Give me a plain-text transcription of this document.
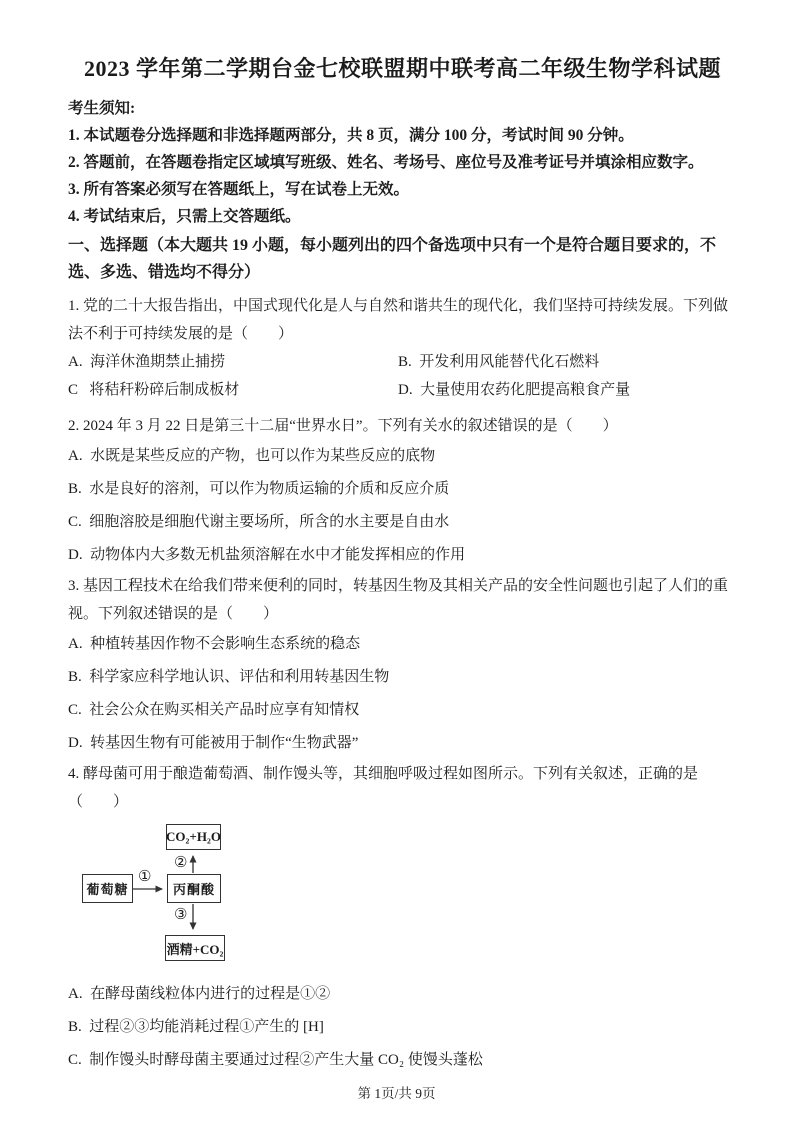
2023 学年第二学期台金七校联盟期中联考高二年级生物学科试题
考生须知:
1. 本试题卷分选择题和非选择题两部分，共 8 页，满分 100 分，考试时间 90 分钟。
2. 答题前，在答题卷指定区域填写班级、姓名、考场号、座位号及准考证号并填涂相应数字。
3. 所有答案必须写在答题纸上，写在试卷上无效。
4. 考试结束后，只需上交答题纸。
一、选择题（本大题共 19 小题，每小题列出的四个备选项中只有一个是符合题目要求的，不选、多选、错选均不得分）
1. 党的二十大报告指出，中国式现代化是人与自然和谐共生的现代化，我们坚持可持续发展。下列做法不利于可持续发展的是（　　）
A.  海洋休渔期禁止捕捞	B.  开发利用风能替代化石燃料
C   将秸秆粉碎后制成板材	D.  大量使用农药化肥提高粮食产量
2. 2024 年 3 月 22 日是第三十二届“世界水日”。下列有关水的叙述错误的是（　　）
A.  水既是某些反应的产物，也可以作为某些反应的底物
B.  水是良好的溶剂，可以作为物质运输的介质和反应介质
C.  细胞溶胶是细胞代谢主要场所，所含的水主要是自由水
D.  动物体内大多数无机盐须溶解在水中才能发挥相应的作用
3. 基因工程技术在给我们带来便利的同时，转基因生物及其相关产品的安全性问题也引起了人们的重视。下列叙述错误的是（　　）
A.  种植转基因作物不会影响生态系统的稳态
B.  科学家应科学地认识、评估和利用转基因生物
C.  社会公众在购买相关产品时应享有知情权
D.  转基因生物有可能被用于制作“生物武器”
4. 酵母菌可用于酿造葡萄酒、制作馒头等，其细胞呼吸过程如图所示。下列有关叙述，正确的是（　　）
CO₂+H₂O
葡萄糖	丙酮酸
酒精+CO₂
①
②
③
A.  在酵母菌线粒体内进行的过程是①②
B.  过程②③均能消耗过程①产生的 [H]
C.  制作馒头时酵母菌主要通过过程②产生大量 CO₂ 使馒头蓬松
第 1页/共 9页
